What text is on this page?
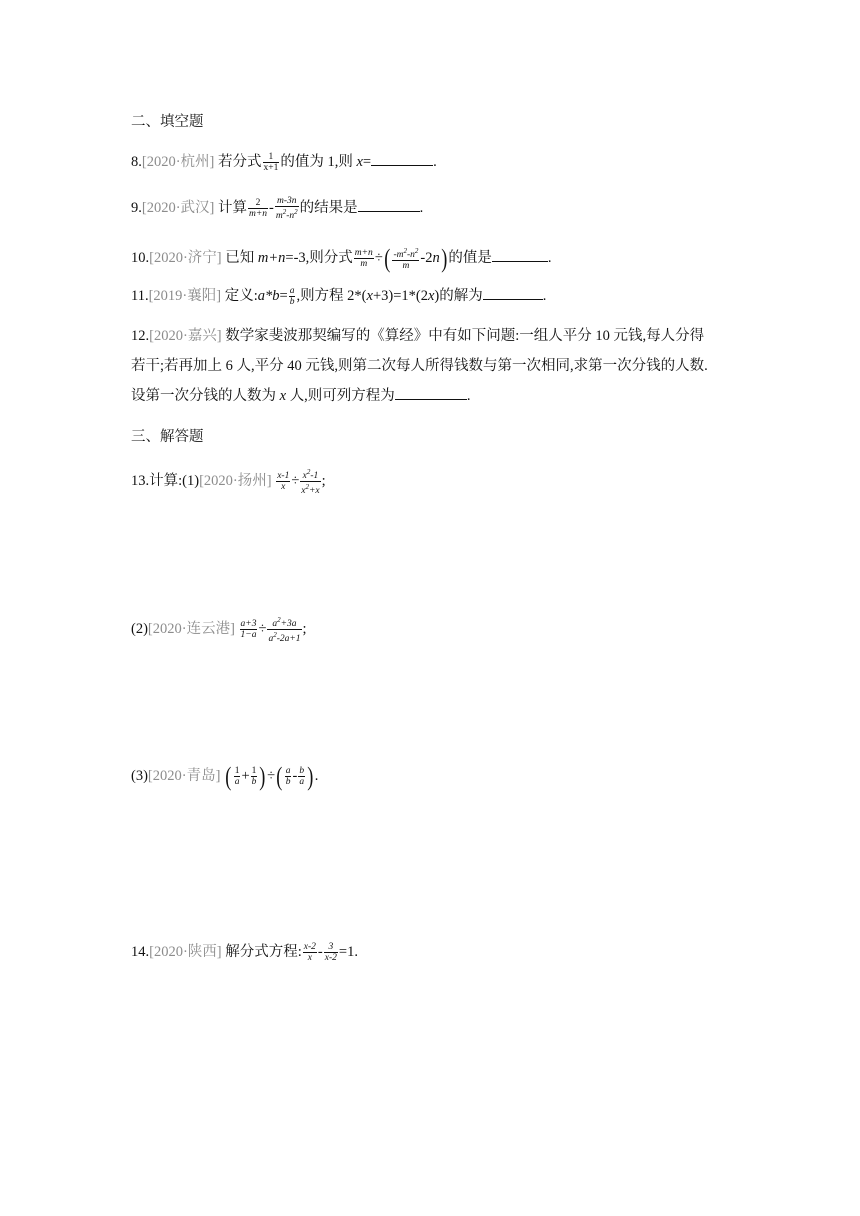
二、填空题
8.[2020·杭州] 若分式 $\frac{1}{x+1}$ 的值为 1,则 x=	.
9.[2020·武汉] 计算 $\frac{2}{m+n} - \frac{m-3n}{m^2-n^2}$ 的结果是	.
10.[2020·济宁] 已知 m+n=-3,则分式 $\frac{m+n}{m}$ ÷( $\frac{-m^2-n^2}{m} -2n$)的值是	.
11.[2019·襄阳] 定义:a*b= $\frac{a}{b}$ ,则方程 2*(x+3)=1*(2x)的解为	.
12.[2020·嘉兴] 数学家斐波那契编写的《算经》中有如下问题:一组人平分 10 元钱,每人分得
若干;若再加上 6 人,平分 40 元钱,则第二次每人所得钱数与第一次相同,求第一次分钱的人数.
设第一次分钱的人数为 x 人,则可列方程为	.
三、解答题
13.计算:(1)[2020·扬州] $\frac{x-1}{x} \div \frac{x^2-1}{x^2+x}$ ;
(2)[2020·连云港] $\frac{a+3}{1-a} \div \frac{a^2+3a}{a^2-2a+1}$ ;
(3)[2020·青岛] ( $\frac{1}{a} + \frac{1}{b}$ )÷( $\frac{a}{b} - \frac{b}{a}$ ).
14.[2020·陕西] 解分式方程: $\frac{x-2}{x} - \frac{3}{x-2} =1$.
